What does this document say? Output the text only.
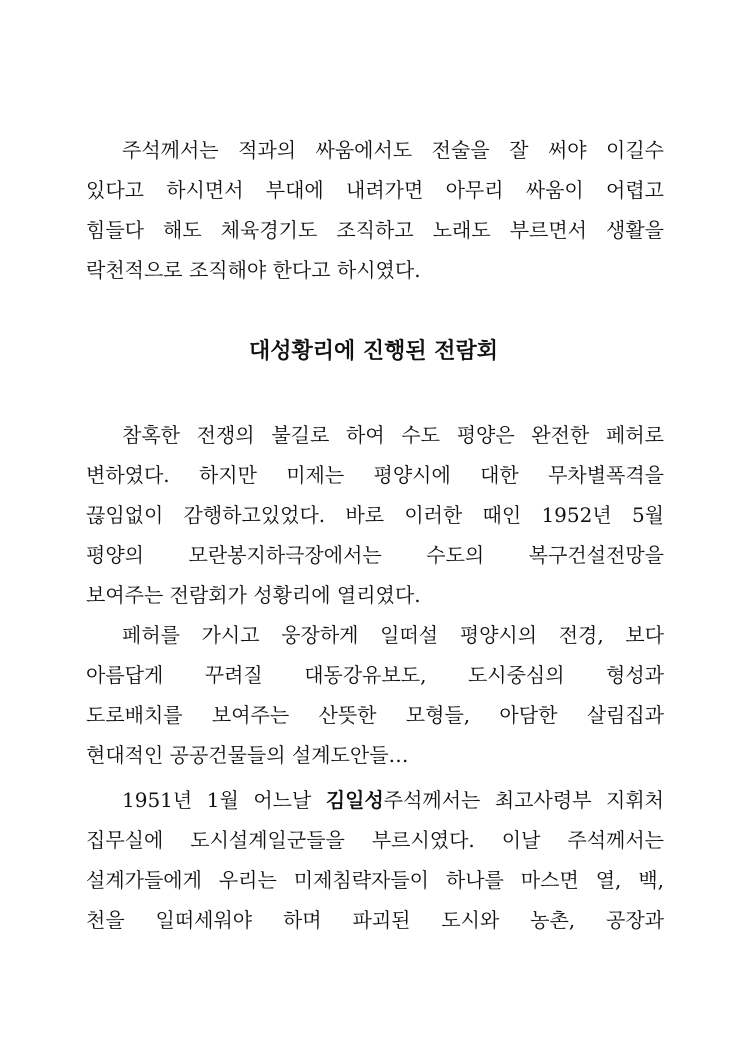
주석께서는 적과의 싸움에서도 전술을 잘 써야 이길수
있다고 하시면서 부대에 내려가면 아무리 싸움이 어렵고
힘들다 해도 체육경기도 조직하고 노래도 부르면서 생활을
락천적으로 조직해야 한다고 하시였다.
대성황리에 진행된 전람회
참혹한 전쟁의 불길로 하여 수도 평양은 완전한 페허로
변하였다. 하지만 미제는 평양시에 대한 무차별폭격을
끊임없이 감행하고있었다. 바로 이러한 때인 1952년 5월
평양의 모란봉지하극장에서는 수도의 복구건설전망을
보여주는 전람회가 성황리에 열리였다.
페허를 가시고 웅장하게 일떠설 평양시의 전경, 보다
아름답게 꾸려질 대동강유보도, 도시중심의 형성과
도로배치를 보여주는 산뜻한 모형들, 아담한 살림집과
현대적인 공공건물들의 설계도안들…
1951년 1월 어느날 김일성주석께서는 최고사령부 지휘처
집무실에 도시설계일군들을 부르시였다. 이날 주석께서는
설계가들에게 우리는 미제침략자들이 하나를 마스면 열, 백,
천을 일떠세워야 하며 파괴된 도시와 농촌, 공장과
